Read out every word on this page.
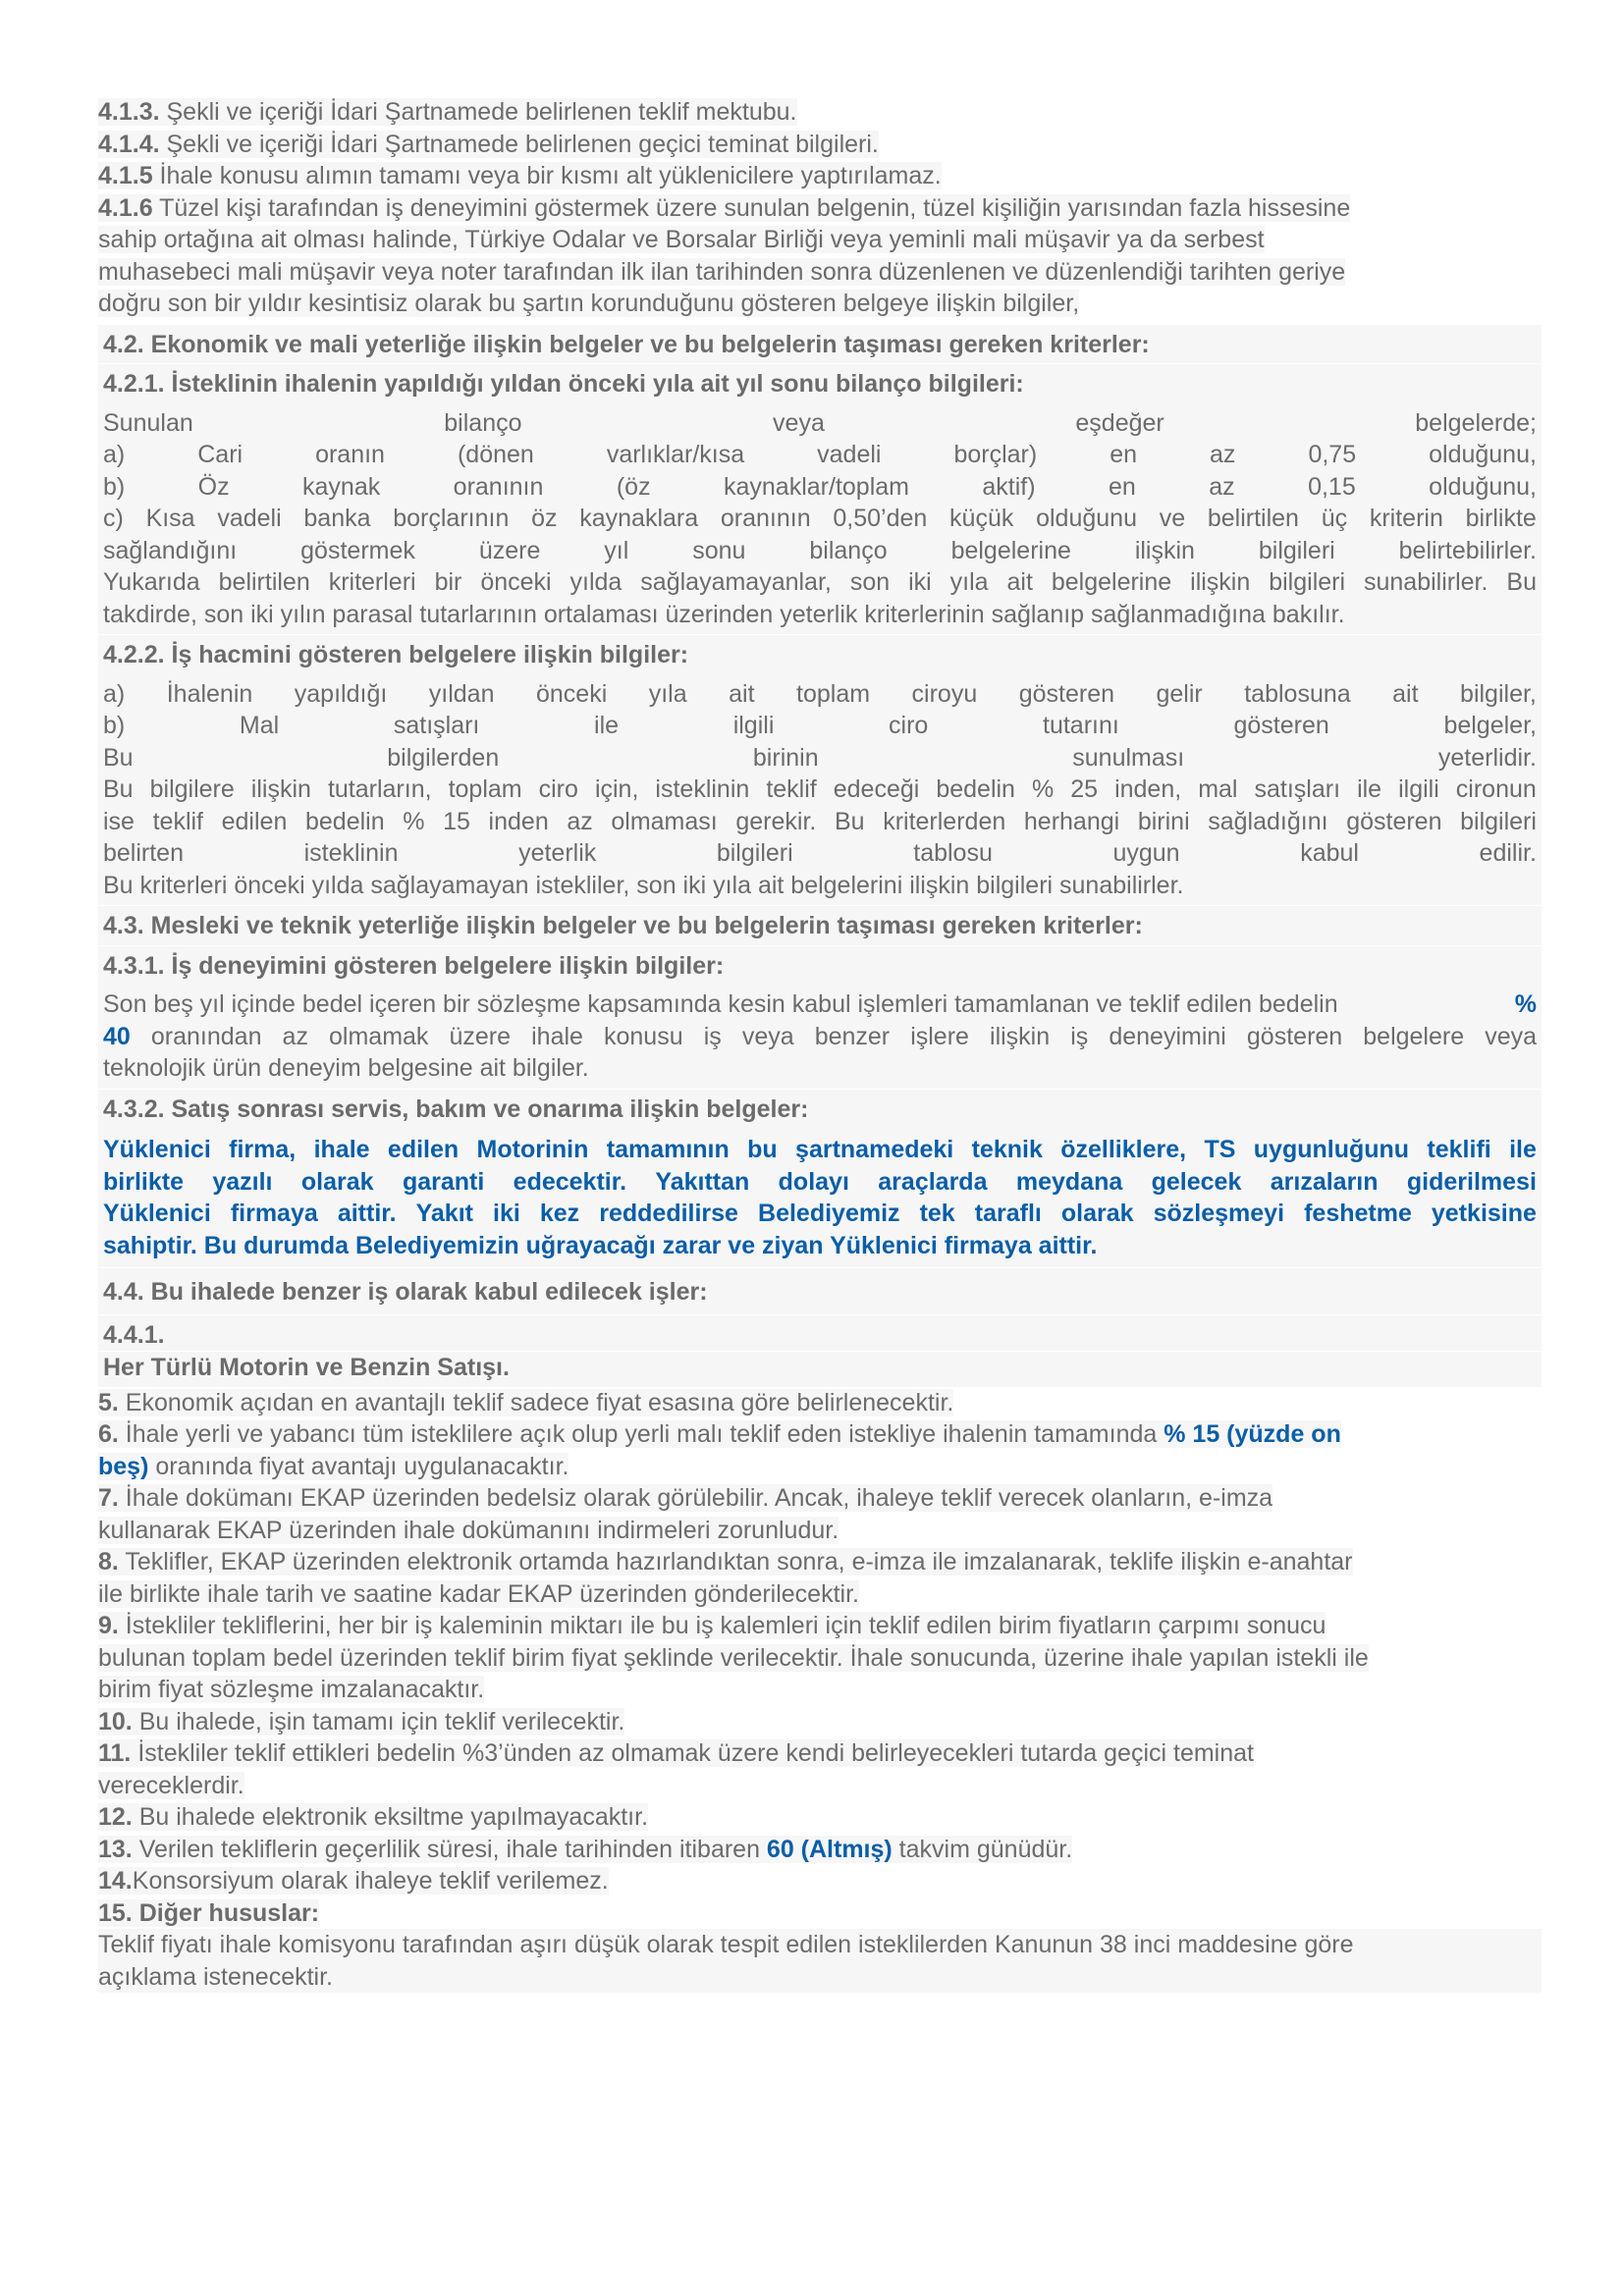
4.1.3. Şekli ve içeriği İdari Şartnamede belirlenen teklif mektubu.
4.1.4. Şekli ve içeriği İdari Şartnamede belirlenen geçici teminat bilgileri.
4.1.5 İhale konusu alımın tamamı veya bir kısmı alt yüklenicilere yaptırılamaz.
4.1.6 Tüzel kişi tarafından iş deneyimini göstermek üzere sunulan belgenin, tüzel kişiliğin yarısından fazla hissesine
sahip ortağına ait olması halinde, Türkiye Odalar ve Borsalar Birliği veya yeminli mali müşavir ya da serbest
muhasebeci mali müşavir veya noter tarafından ilk ilan tarihinden sonra düzenlenen ve düzenlendiği tarihten geriye
doğru son bir yıldır kesintisiz olarak bu şartın korunduğunu gösteren belgeye ilişkin bilgiler,
4.2. Ekonomik ve mali yeterliğe ilişkin belgeler ve bu belgelerin taşıması gereken kriterler:
4.2.1. İsteklinin ihalenin yapıldığı yıldan önceki yıla ait yıl sonu bilanço bilgileri:
Sunulan	bilanço	veya	eşdeğer	belgelerde;
a)	Cari	oranın	(dönen	varlıklar/kısa	vadeli	borçlar)	en	az	0,75	olduğunu,
b)	Öz	kaynak	oranının	(öz	kaynaklar/toplam	aktif)	en	az	0,15	olduğunu,
c) Kısa vadeli banka borçlarının öz kaynaklara oranının 0,50’den küçük olduğunu ve belirtilen üç kriterin birlikte
sağlandığını	göstermek	üzere	yıl	sonu	bilanço	belgelerine	ilişkin	bilgileri	belirtebilirler.
Yukarıda belirtilen kriterleri bir önceki yılda sağlayamayanlar, son iki yıla ait belgelerine ilişkin bilgileri sunabilirler. Bu
takdirde, son iki yılın parasal tutarlarının ortalaması üzerinden yeterlik kriterlerinin sağlanıp sağlanmadığına bakılır.
4.2.2. İş hacmini gösteren belgelere ilişkin bilgiler:
a) İhalenin yapıldığı yıldan önceki yıla ait toplam ciroyu gösteren gelir tablosuna ait bilgiler,
b)	Mal	satışları	ile	ilgili	ciro	tutarını	gösteren	belgeler,
Bu	bilgilerden	birinin	sunulması	yeterlidir.
Bu bilgilere ilişkin tutarların, toplam ciro için, isteklinin teklif edeceği bedelin % 25 inden, mal satışları ile ilgili cironun
ise teklif edilen bedelin % 15 inden az olmaması gerekir. Bu kriterlerden herhangi birini sağladığını gösteren bilgileri
belirten	isteklinin	yeterlik	bilgileri	tablosu	uygun	kabul	edilir.
Bu kriterleri önceki yılda sağlayamayan istekliler, son iki yıla ait belgelerini ilişkin bilgileri sunabilirler.
4.3. Mesleki ve teknik yeterliğe ilişkin belgeler ve bu belgelerin taşıması gereken kriterler:
4.3.1. İş deneyimini gösteren belgelere ilişkin bilgiler:
Son beş yıl içinde bedel içeren bir sözleşme kapsamında kesin kabul işlemleri tamamlanan ve teklif edilen bedelin	%
40 oranından az olmamak üzere ihale konusu iş veya benzer işlere ilişkin iş deneyimini gösteren belgelere veya
teknolojik ürün deneyim belgesine ait bilgiler.
4.3.2. Satış sonrası servis, bakım ve onarıma ilişkin belgeler:
Yüklenici firma, ihale edilen Motorinin tamamının bu şartnamedeki teknik özelliklere, TS uygunluğunu teklifi ile
birlikte yazılı olarak garanti edecektir. Yakıttan dolayı araçlarda meydana gelecek arızaların giderilmesi
Yüklenici firmaya aittir. Yakıt iki kez reddedilirse Belediyemiz tek taraflı olarak sözleşmeyi feshetme yetkisine
sahiptir. Bu durumda Belediyemizin uğrayacağı zarar ve ziyan Yüklenici firmaya aittir.
4.4. Bu ihalede benzer iş olarak kabul edilecek işler:
4.4.1.
Her Türlü Motorin ve Benzin Satışı.
5. Ekonomik açıdan en avantajlı teklif sadece fiyat esasına göre belirlenecektir.
6. İhale yerli ve yabancı tüm isteklilere açık olup yerli malı teklif eden istekliye ihalenin tamamında % 15 (yüzde on
beş) oranında fiyat avantajı uygulanacaktır.
7. İhale dokümanı EKAP üzerinden bedelsiz olarak görülebilir. Ancak, ihaleye teklif verecek olanların, e-imza
kullanarak EKAP üzerinden ihale dokümanını indirmeleri zorunludur.
8. Teklifler, EKAP üzerinden elektronik ortamda hazırlandıktan sonra, e-imza ile imzalanarak, teklife ilişkin e-anahtar
ile birlikte ihale tarih ve saatine kadar EKAP üzerinden gönderilecektir.
9. İstekliler tekliflerini, her bir iş kaleminin miktarı ile bu iş kalemleri için teklif edilen birim fiyatların çarpımı sonucu
bulunan toplam bedel üzerinden teklif birim fiyat şeklinde verilecektir. İhale sonucunda, üzerine ihale yapılan istekli ile
birim fiyat sözleşme imzalanacaktır.
10. Bu ihalede, işin tamamı için teklif verilecektir.
11. İstekliler teklif ettikleri bedelin %3’ünden az olmamak üzere kendi belirleyecekleri tutarda geçici teminat
vereceklerdir.
12. Bu ihalede elektronik eksiltme yapılmayacaktır.
13. Verilen tekliflerin geçerlilik süresi, ihale tarihinden itibaren 60 (Altmış) takvim günüdür.
14.Konsorsiyum olarak ihaleye teklif verilemez.
15. Diğer hususlar:
Teklif fiyatı ihale komisyonu tarafından aşırı düşük olarak tespit edilen isteklilerden Kanunun 38 inci maddesine göre
açıklama istenecektir.
